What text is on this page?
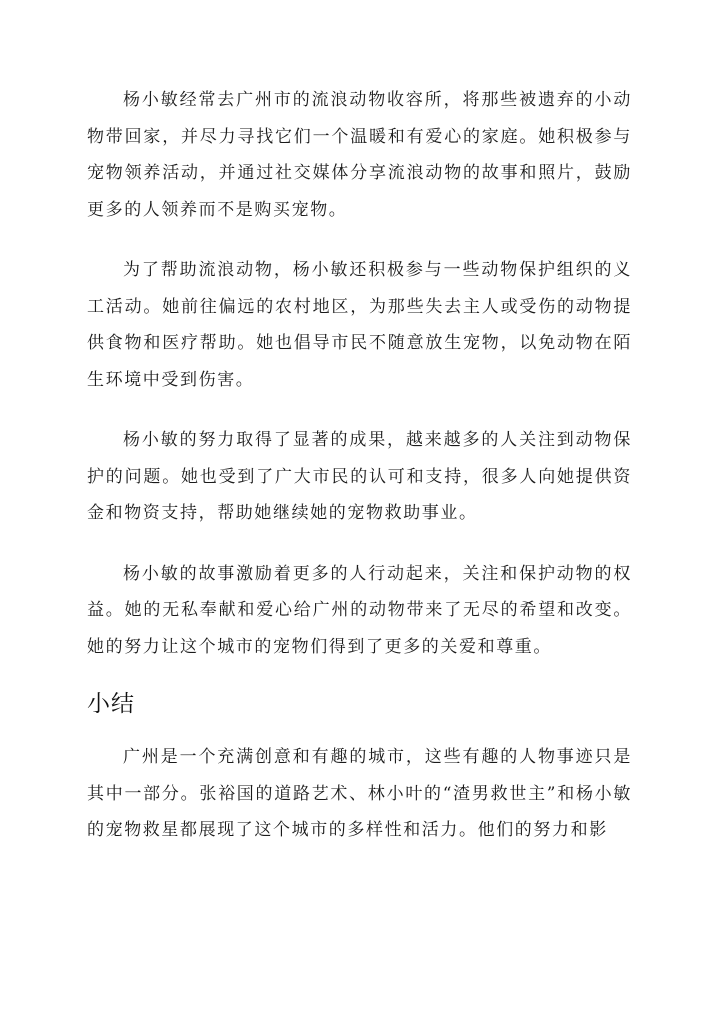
杨小敏经常去广州市的流浪动物收容所，将那些被遗弃的小动物带回家，并尽力寻找它们一个温暖和有爱心的家庭。她积极参与宠物领养活动，并通过社交媒体分享流浪动物的故事和照片，鼓励更多的人领养而不是购买宠物。

为了帮助流浪动物，杨小敏还积极参与一些动物保护组织的义工活动。她前往偏远的农村地区，为那些失去主人或受伤的动物提供食物和医疗帮助。她也倡导市民不随意放生宠物，以免动物在陌生环境中受到伤害。

杨小敏的努力取得了显著的成果，越来越多的人关注到动物保护的问题。她也受到了广大市民的认可和支持，很多人向她提供资金和物资支持，帮助她继续她的宠物救助事业。

杨小敏的故事激励着更多的人行动起来，关注和保护动物的权益。她的无私奉献和爱心给广州的动物带来了无尽的希望和改变。她的努力让这个城市的宠物们得到了更多的关爱和尊重。

小结

广州是一个充满创意和有趣的城市，这些有趣的人物事迹只是其中一部分。张裕国的道路艺术、林小叶的“渣男救世主”和杨小敏的宠物救星都展现了这个城市的多样性和活力。他们的努力和影
